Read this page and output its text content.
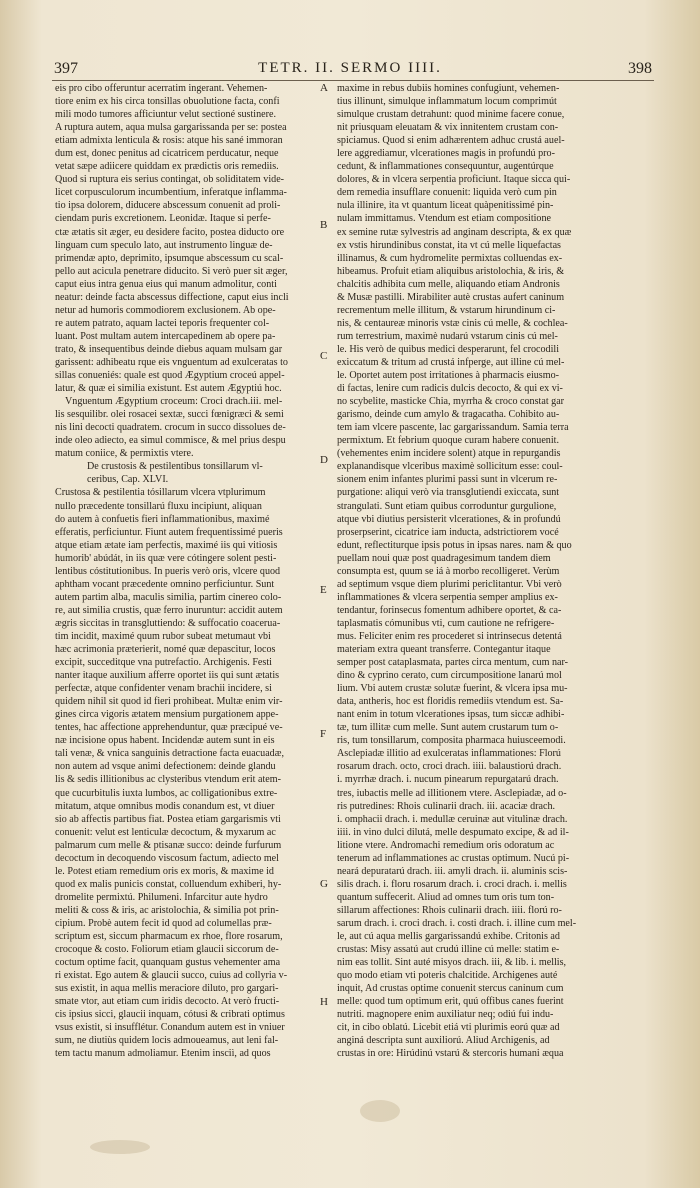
397	TETR. II. SERMO IIII.	398

eis pro cibo offeruntur acerratim ingerant. Vehemen-

tiore enim ex his circa tonsillas obuolutione facta, confi

mili modo tumores afficiuntur velut sectioné sustinere.

A ruptura autem, aqua mulsa gargarissanda per se: postea

etiam admixta lenticula & rosis: atque his sané immoran

dum est, donec penitus ad cicatricem perducatur, neque

vetat sæpe adiicere quiddam ex prædictis oris remediis.

Quod si ruptura eis serius contingat, ob soliditatem vide-

licet corpusculorum incumbentium, inferatque inflamma-

tio ipsa dolorem, diducere abscessum conuenit ad proli-

ciendam puris excretionem. Leonidæ. Itaque si perfe-

ctæ ætatis sit æger, eu desidere facito, postea diducto ore

linguam cum speculo lato, aut instrumento linguæ de-

primendæ apto, deprimito, ipsumque abscessum cu scal-

pello aut acicula penetrare diducito. Si verò puer sit æger,

caput eius intra genua eius qui manum admolitur, conti

neatur: deinde facta abscessus diffectione, caput eius incli

netur ad humoris commodiorem exclusionem. Ab ope-

re autem patrato, aquam lactei teporis frequenter col-

luant. Post multam autem intercapedinem ab opere pa-

trato, & insequentibus deinde diebus aquam mulsam gar

garissent: adhibeatu rque eis vnguentum ad exulceratas to

sillas conueniés: quale est quod Ægyptium croceú appel-

latur, & quæ ei similia existunt. Est autem Ægyptiú hoc.

Vnguentum Ægyptium croceum: Croci drach.iii. mel-

lis sesquilibr. olei rosacei sextæ, succi fœnigræci & semi

nis lini decocti quadratem. crocum in succo dissolues de-

inde oleo adiecto, ea simul commisce, & mel prius despu

matum coniice, & permixtis vtere.

De crustosis & pestilentibus tonsillarum vl-

ceribus, Cap. XLVI.

Crustosa & pestilentia tósillarum vlcera vtplurimum

nullo præcedente tonsillarú fluxu incipiunt, aliquan

do autem à confuetis fieri inflammationibus, maximé

efferatis, perficiuntur. Fiunt autem frequentissimé pueris

atque etiam ætate iam perfectis, maximé iis qui vitiosis

humorib' abúdát, in iis quæ vere cótingere solent pesti-

lentibus cóstitutionibus. In pueris verò oris, vlcere quod

aphtham vocant præcedente omnino perficiuntur. Sunt

autem partim alba, maculis similia, partim cinereo colo-

re, aut similia crustis, quæ ferro inuruntur: accidit autem

ægris siccitas in transgluttiendo: & suffocatio coacerua-

tim incidit, maximé quum rubor subeat metumaut vbi

hæc acrimonia præterierit, nomé quæ depascitur, locos

excipit, succeditque vna putrefactio. Archigenis. Festi

nanter itaque auxilium afferre oportet iis qui sunt ætatis

perfectæ, atque confidenter venam brachii incidere, si

quidem nihil sit quod id fieri prohibeat. Multæ enim vir-

gines circa vigoris ætatem mensium purgationem appe-

tentes, hac affectione apprehenduntur, quæ præcipué ve-

næ incisione opus habent. Incidendæ autem sunt in eis

tali venæ, & vnica sanguinis detractione facta euacuadæ,

non autem ad vsque animi defectionem: deinde glandu

lis & sedis illitionibus ac clysteribus vtendum erit atem-

que cucurbitulis iuxta lumbos, ac colligationibus extre-

mitatum, atque omnibus modis conandum est, vt diuer

sio ab affectis partibus fiat. Postea etiam gargarismis vti

conuenit: velut est lenticulæ decoctum, & myxarum ac

palmarum cum melle & ptisanæ succo: deinde furfurum

decoctum in decoquendo viscosum factum, adiecto mel

le. Potest etiam remedium oris ex moris, & maxime id

quod ex malis punicis constat, colluendum exhiberi, hy-

dromelite permixtú. Philumeni. Infarcitur aute hydro

meliti & coss & iris, ac aristolochia, & similia pot prin-

cipium. Probè autem fecit id quod ad columellas præ-

scriptum est, siccum pharmacum ex rhoe, flore rosarum,

crocoque & costo. Foliorum etiam glaucii siccorum de-

coctum optime facit, quanquam gustus vehementer ama

ri existat. Ego autem & glaucii succo, cuius ad collyria v-

sus existit, in aqua mellis meraciore diluto, pro gargari-

smate vtor, aut etiam cum iridis decocto. At verò fructi-

cis ipsius sicci, glaucii inquam, cótusi & cribrati optimus

vsus existit, si insufflétur. Conandum autem est in vniuer

sum, ne diutiùs quidem locis admoueamus, aut leni fal-

tem tactu manum admoliamur. Etenim insciì, ad quos

A
B
C
D
E
F
G
H

maxime in rebus dubiis homines confugiunt, vehemen-

tius illinunt, simulque inflammatum locum comprimút

simulque crustam detrahunt: quod minime facere conue,

nit priusquam eleuatam & vix innitentem crustam con-

spiciamus. Quod si enim adhærentem adhuc crustá auel-

lere aggrediamur, vlcerationes magis in profundú pro-

cedunt, & inflammationes consequuntur, augentúrque

dolores, & in vlcera serpentia proficiunt. Itaque sicca qui-

dem remedia insufflare conuenit: liquida verò cum pin

nula illinire, ita vt quantum liceat quàpenitissimé pin-

nulam immittamus. Vtendum est etiam compositione

ex semine rutæ sylvestris ad anginam descripta, & ex quæ

ex vstis hirundinibus constat, ita vt cú melle liquefactas

illinamus, & cum hydromelite permixtas colluendas ex-

hibeamus. Profuit etiam aliquibus aristolochia, & iris, &

chalcitis adhibita cum melle, aliquando etiam Andronis

& Musæ pastilli. Mirabiliter autè crustas aufert caninum

recrementum melle illitum, & vstarum hirundinum ci-

nis, & centaureæ minoris vstæ cinis cú melle, & cochlea-

rum terrestrium, maximè nudarú vstarum cinis cú mel-

le. His verò de quibus medici desperarunt, fel crocodili

exiccatum & tritum ad crustá infperge, aut illine cú mel-

le. Oportet autem post irritationes à pharmacis eiusmo-

di factas, lenire cum radicis dulcis decocto, & qui ex vi-

no scybelite, masticke Chia, myrrha & croco constat gar

garismo, deinde cum amylo & tragacatha. Cohibito au-

tem iam vlcere pascente, lac gargarissandum. Samia terra

permixtum. Et febrium quoque curam habere conuenit.

(vehementes enim incidere solent) atque in repurgandis

explanandisque vlceribus maximè sollicitum esse: coul-

sionem enim infantes plurimi passi sunt in vlcerum re-

purgatione: aliqui verò via transglutiendi exiccata, sunt

strangulati. Sunt etiam quibus corroduntur gurgulione,

atque vbi diutius persisterit vlcerationes, & in profundú

proserpserint, cicatrice iam inducta, adstrictiorem vocé

edunt, reflectiturque ipsis potus in ipsas nares. nam & quo

puellam noui quæ post quadragesimum tandem diem

consumpta est, quum se iá à morbo recolligeret. Verùm

ad septimum vsque diem plurimi periclitantur. Vbi verò

inflammationes & vlcera serpentia semper amplius ex-

tendantur, forinsecus fomentum adhibere oportet, & ca-

taplasmatis cómunibus vti, cum cautione ne refrigere-

mus. Feliciter enim res procederet si intrinsecus detentá

materiam extra queant transferre. Contegantur itaque

semper post cataplasmata, partes circa mentum, cum nar-

dino & cyprino cerato, cum circumpositione lanarú mol

lium. Vbi autem crustæ solutæ fuerint, & vlcera ipsa mu-

data, antheris, hoc est floridis remediis vtendum est. Sa-

nant enim in totum vlcerationes ipsas, tum siccæ adhibi-

tæ, tum illitæ cum melle. Sunt autem crustarum tum o-

ris, tum tonsillarum, composita pharmaca huiusceemodi.

Asclepiadæ illitio ad exulceratas inflammationes: Florú

rosarum drach. octo, croci drach. iiii. balaustiorú drach.

i. myrrhæ drach. i. nucum pinearum repurgatarú drach.

tres, iubactis melle ad illitionem vtere. Asclepiadæ, ad o-

ris putredines: Rhois culinarii drach. iii. acaciæ drach.

i. omphacii drach. i. medullæ ceruinæ aut vitulinæ drach.

iiii. in vino dulci dilutá, melle despumato excipe, & ad il-

litione vtere. Andromachi remedium oris odoratum ac

tenerum ad inflammationes ac crustas optimum. Nucú pi-

neará depuratarú drach. iii. amyli drach. ii. aluminis scis-

silis drach. i. floru rosarum drach. i. croci drach. i. mellis

quantum suffecerit. Aliud ad omnes tum oris tum ton-

sillarum affectiones: Rhois culinarii drach. iiii. florú ro-

sarum drach. i. croci drach. i. costi drach. i. illine cum mel-

le, aut cú aqua mellis gargarissandú exhibe. Critonis ad

crustas: Misy assatú aut crudú illine cú melle: statim e-

nim eas tollit. Sint auté misyos drach. iii, & lib. i. mellis,

quo modo etiam vti poteris chalcitide. Archigenes auté

inquit, Ad crustas optime conuenit stercus caninum cum

melle: quod tum optimum erit, quú offibus canes fuerint

nutriti. magnopere enim auxiliatur neq; odiú fui indu-

cit, in cibo oblatú. Licebit etiá vti plurimis eorú quæ ad

anginá descripta sunt auxiliorú. Aliud Archigenis, ad

crustas in ore: Hirúdinú vstarú & stercoris humani æqua
